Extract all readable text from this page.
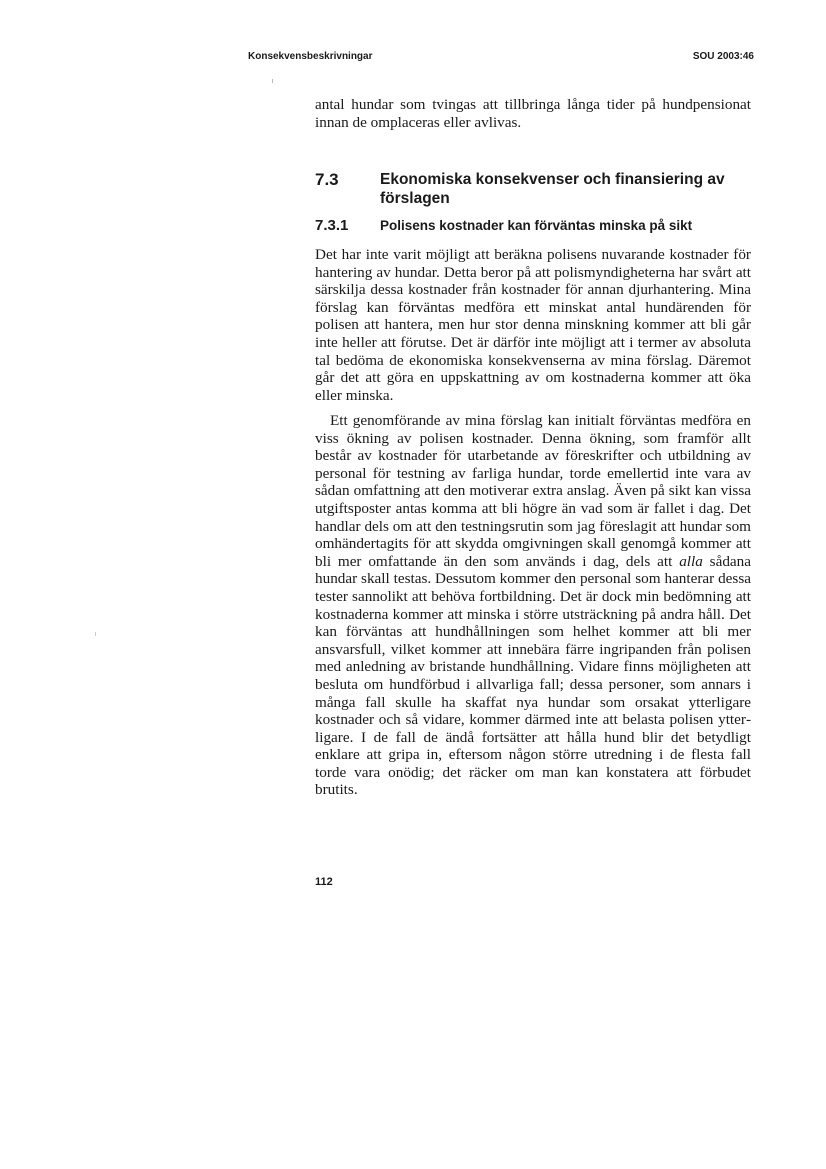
Konsekvensbeskrivningar	SOU 2003:46

antal hundar som tvingas att tillbringa långa tider på hundpensionat innan de omplaceras eller avlivas.

7.3	Ekonomiska konsekvenser och finansiering av förslagen
7.3.1 Polisens kostnader kan förväntas minska på sikt

Det har inte varit möjligt att beräkna polisens nuvarande kostnader för hantering av hundar. Detta beror på att polismyndigheterna har svårt att särskilja dessa kostnader från kostnader för annan djurhantering. Mina förslag kan förväntas medföra ett minskat antal hundärenden för polisen att hantera, men hur stor denna minskning kommer att bli går inte heller att förutse. Det är därför inte möjligt att i termer av absoluta tal bedöma de ekonomiska konsekvenserna av mina förslag. Däremot går det att göra en uppskattning av om kostnaderna kommer att öka eller minska.

Ett genomförande av mina förslag kan initialt förväntas medföra en viss ökning av polisen kostnader. Denna ökning, som framför allt består av kostnader för utarbetande av föreskrifter och utbildning av personal för testning av farliga hundar, torde emellertid inte vara av sådan omfattning att den motiverar extra anslag. Även på sikt kan vissa utgiftsposter antas komma att bli högre än vad som är fallet i dag. Det handlar dels om att den testningsrutin som jag föreslagit att hundar som omhändertagits för att skydda omgivningen skall genomgå kommer att bli mer omfattande än den som används i dag, dels att alla sådana hundar skall testas. Dessutom kommer den personal som hanterar dessa tester sannolikt att behöva fortbildning. Det är dock min bedömning att kostnaderna kommer att minska i större utsträckning på andra håll. Det kan förväntas att hundhållningen som helhet kommer att bli mer ansvarsfull, vilket kommer att innebära färre ingripanden från polisen med anledning av bristande hundhållning. Vidare finns möjligheten att besluta om hundförbud i allvarliga fall; dessa personer, som annars i många fall skulle ha skaffat nya hundar som orsakat ytterligare kostnader och så vidare, kommer därmed inte att belasta polisen ytterligare. I de fall de ändå fortsätter att hålla hund blir det betydligt enklare att gripa in, eftersom någon större utredning i de flesta fall torde vara onödig; det räcker om man kan konstatera att förbudet brutits.

112
